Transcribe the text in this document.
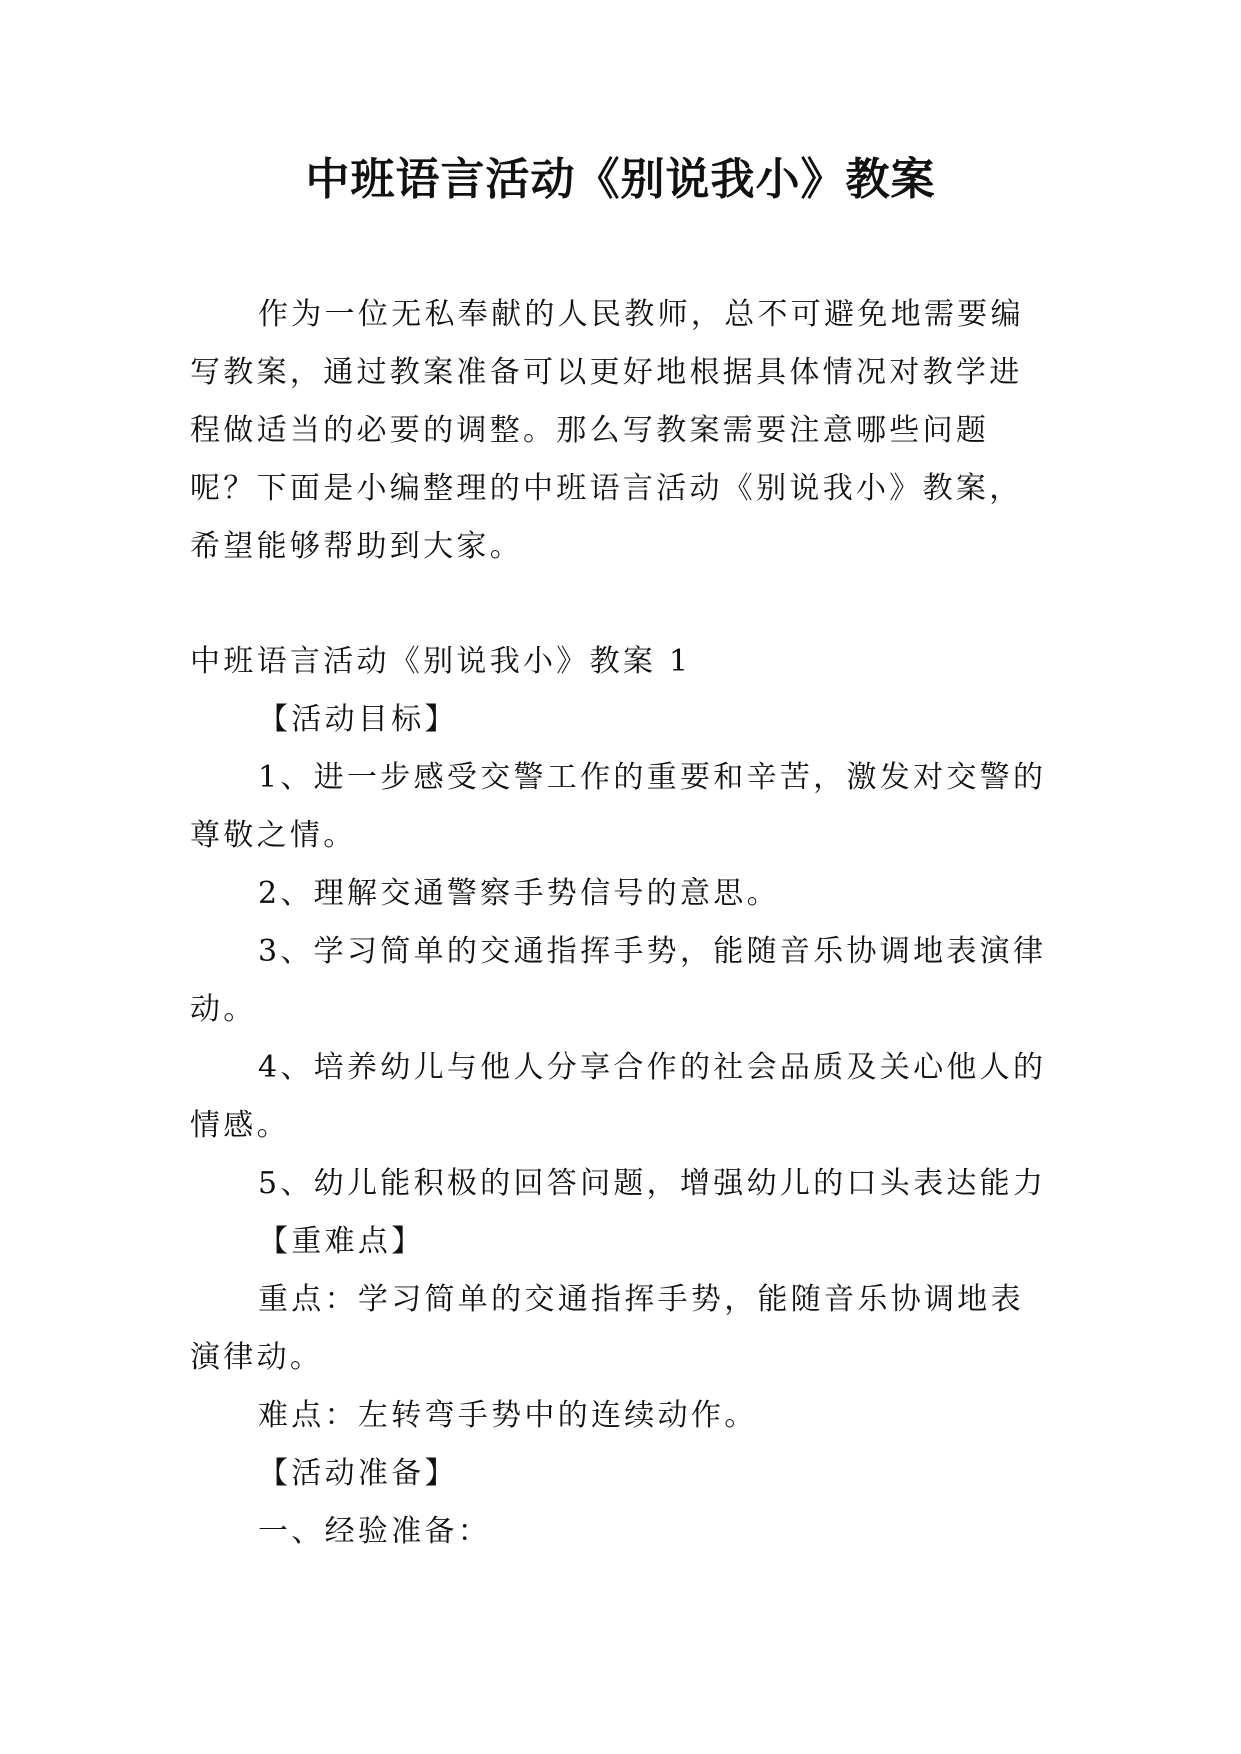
中班语言活动《别说我小》教案

作为一位无私奉献的人民教师，总不可避免地需要编写教案，通过教案准备可以更好地根据具体情况对教学进程做适当的必要的调整。那么写教案需要注意哪些问题呢？下面是小编整理的中班语言活动《别说我小》教案，希望能够帮助到大家。

中班语言活动《别说我小》教案 1

【活动目标】

1、进一步感受交警工作的重要和辛苦，激发对交警的尊敬之情。

2、理解交通警察手势信号的意思。

3、学习简单的交通指挥手势，能随音乐协调地表演律动。

4、培养幼儿与他人分享合作的社会品质及关心他人的情感。

5、幼儿能积极的回答问题，增强幼儿的口头表达能力

【重难点】

重点：学习简单的交通指挥手势，能随音乐协调地表演律动。

难点：左转弯手势中的连续动作。

【活动准备】

一、经验准备：
